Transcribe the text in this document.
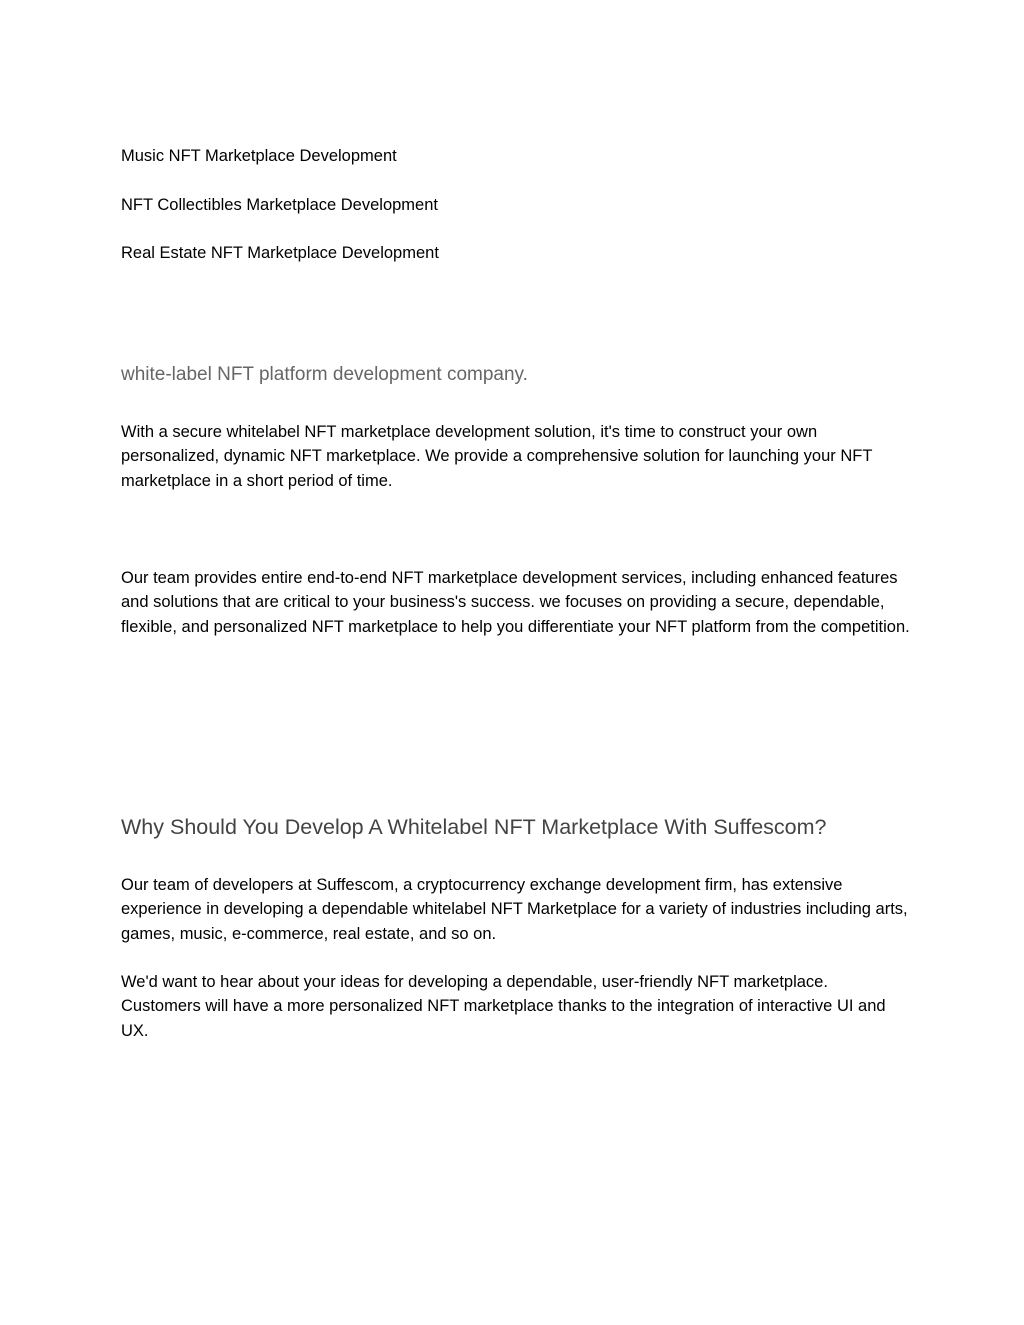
Music NFT Marketplace Development
NFT Collectibles Marketplace Development
Real Estate NFT Marketplace Development
white-label NFT platform development company.

With a secure whitelabel NFT marketplace development solution, it's time to construct your own personalized, dynamic NFT marketplace. We provide a comprehensive solution for launching your NFT marketplace in a short period of time.

Our team provides entire end-to-end NFT marketplace development services, including enhanced features and solutions that are critical to your business's success. we focuses on providing a secure, dependable, flexible, and personalized NFT marketplace to help you differentiate your NFT platform from the competition.

Why Should You Develop A Whitelabel NFT Marketplace With Suffescom?

Our team of developers at Suffescom, a cryptocurrency exchange development firm, has extensive experience in developing a dependable whitelabel NFT Marketplace for a variety of industries including arts, games, music, e-commerce, real estate, and so on.

We'd want to hear about your ideas for developing a dependable, user-friendly NFT marketplace. Customers will have a more personalized NFT marketplace thanks to the integration of interactive UI and UX.
